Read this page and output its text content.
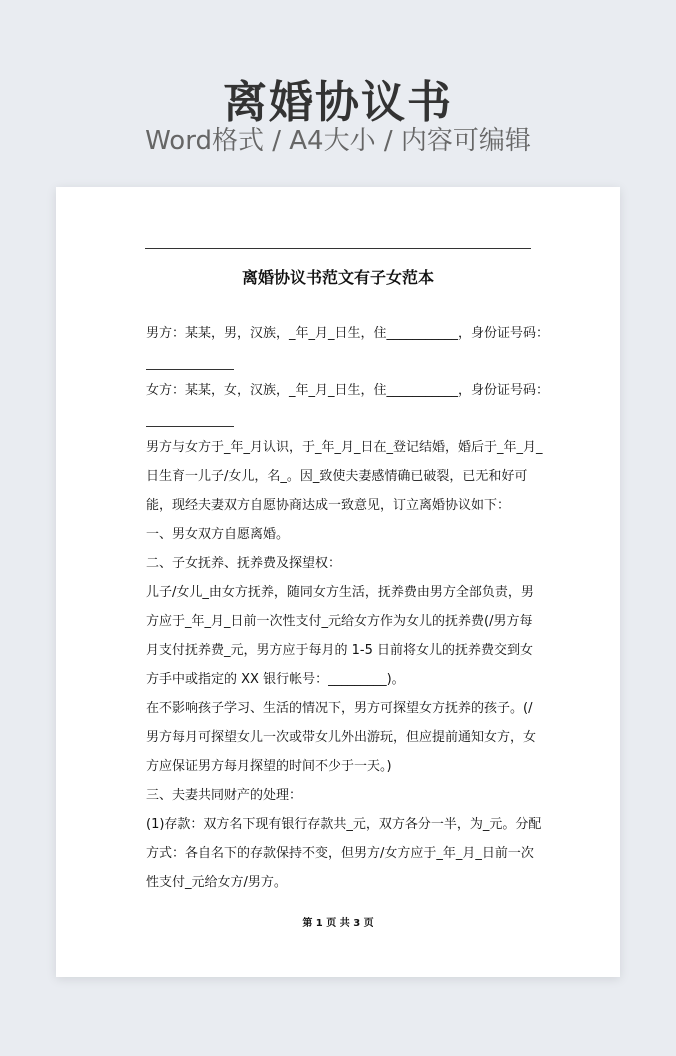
离婚协议书
Word格式 / A4大小 / 内容可编辑
离婚协议书范文有子女范本
男方：某某，男，汉族，_年_月_日生，住___________，身份证号码：
女方：某某，女，汉族，_年_月_日生，住___________，身份证号码：
男方与女方于_年_月认识，于_年_月_日在_登记结婚，婚后于_年_月_
日生育一儿子/女儿，名_。因_致使夫妻感情确已破裂，已无和好可
能，现经夫妻双方自愿协商达成一致意见，订立离婚协议如下：
一、男女双方自愿离婚。
二、子女抚养、抚养费及探望权：
儿子/女儿_由女方抚养，随同女方生活，抚养费由男方全部负责，男
方应于_年_月_日前一次性支付_元给女方作为女儿的抚养费(/男方每
月支付抚养费_元，男方应于每月的 1-5 日前将女儿的抚养费交到女
方手中或指定的 XX 银行帐号：_________)。
在不影响孩子学习、生活的情况下，男方可探望女方抚养的孩子。(/
男方每月可探望女儿一次或带女儿外出游玩，但应提前通知女方，女
方应保证男方每月探望的时间不少于一天。)
三、夫妻共同财产的处理：
(1)存款：双方名下现有银行存款共_元，双方各分一半，为_元。分配
方式：各自名下的存款保持不变，但男方/女方应于_年_月_日前一次
性支付_元给女方/男方。
第 1 页 共 3 页
